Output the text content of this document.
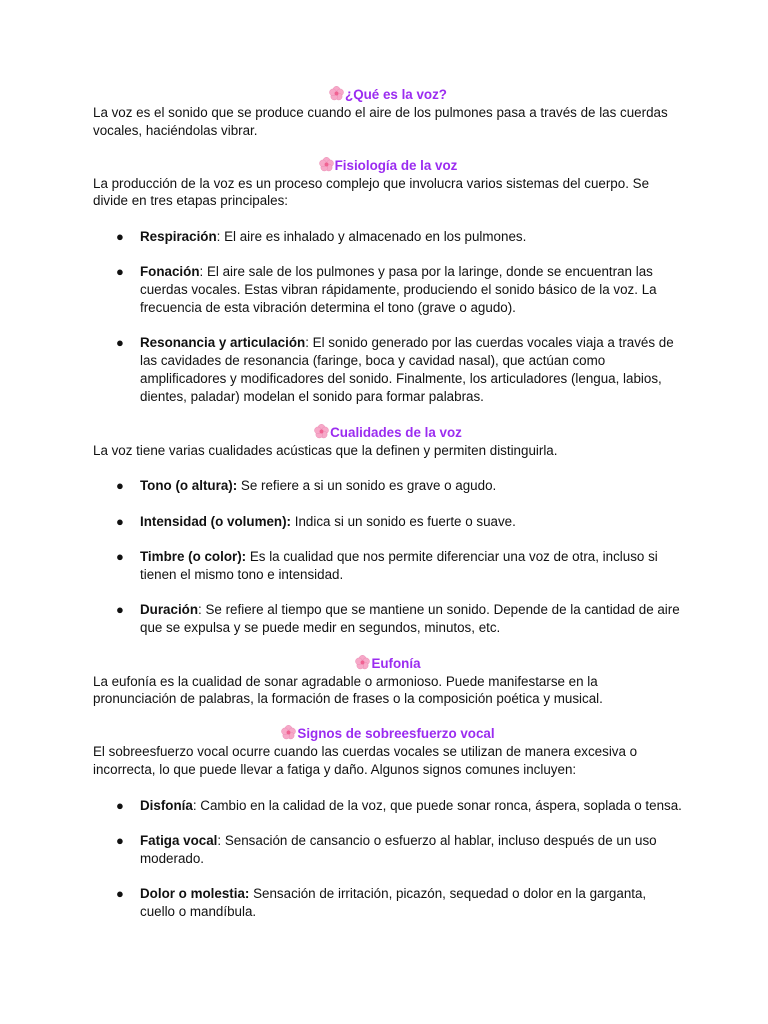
¿Qué es la voz?

La voz es el sonido que se produce cuando el aire de los pulmones pasa a través de las cuerdas vocales, haciéndolas vibrar.

Fisiología de la voz

La producción de la voz es un proceso complejo que involucra varios sistemas del cuerpo. Se divide en tres etapas principales:

● Respiración: El aire es inhalado y almacenado en los pulmones.
● Fonación: El aire sale de los pulmones y pasa por la laringe, donde se encuentran las cuerdas vocales. Estas vibran rápidamente, produciendo el sonido básico de la voz. La frecuencia de esta vibración determina el tono (grave o agudo).
● Resonancia y articulación: El sonido generado por las cuerdas vocales viaja a través de las cavidades de resonancia (faringe, boca y cavidad nasal), que actúan como amplificadores y modificadores del sonido. Finalmente, los articuladores (lengua, labios, dientes, paladar) modelan el sonido para formar palabras.
Cualidades de la voz

La voz tiene varias cualidades acústicas que la definen y permiten distinguirla.

● Tono (o altura): Se refiere a si un sonido es grave o agudo.
● Intensidad (o volumen): Indica si un sonido es fuerte o suave.
● Timbre (o color): Es la cualidad que nos permite diferenciar una voz de otra, incluso si tienen el mismo tono e intensidad.
● Duración: Se refiere al tiempo que se mantiene un sonido. Depende de la cantidad de aire que se expulsa y se puede medir en segundos, minutos, etc.
Eufonía

La eufonía es la cualidad de sonar agradable o armonioso. Puede manifestarse en la pronunciación de palabras, la formación de frases o la composición poética y musical.

Signos de sobreesfuerzo vocal

El sobreesfuerzo vocal ocurre cuando las cuerdas vocales se utilizan de manera excesiva o incorrecta, lo que puede llevar a fatiga y daño. Algunos signos comunes incluyen:

● Disfonía: Cambio en la calidad de la voz, que puede sonar ronca, áspera, soplada o tensa.
● Fatiga vocal: Sensación de cansancio o esfuerzo al hablar, incluso después de un uso moderado.
● Dolor o molestia: Sensación de irritación, picazón, sequedad o dolor en la garganta, cuello o mandíbula.
